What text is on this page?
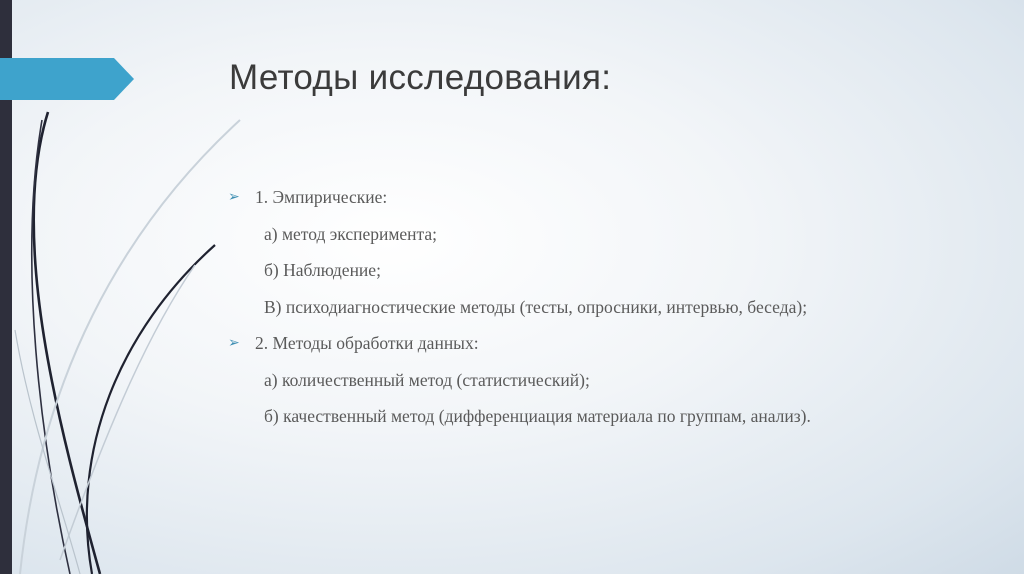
Методы исследования:
➢ 1. Эмпирические:
а) метод эксперимента;
б) Наблюдение;
В) психодиагностические методы (тесты, опросники, интервью, беседа);
➢ 2. Методы обработки данных:
а) количественный метод (статистический);
б) качественный метод (дифференциация материала по группам, анализ).
